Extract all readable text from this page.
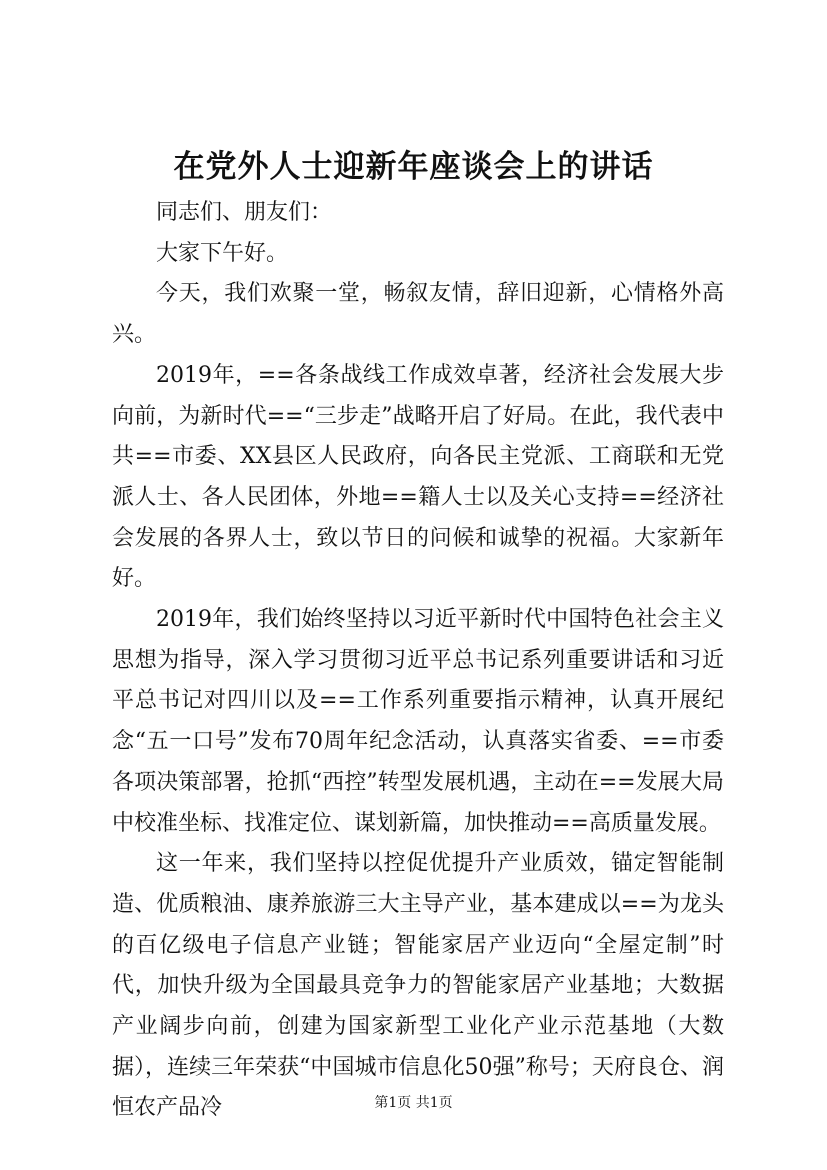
在党外人士迎新年座谈会上的讲话

同志们、朋友们：

大家下午好。

今天，我们欢聚一堂，畅叙友情，辞旧迎新，心情格外高兴。

2019年，==各条战线工作成效卓著，经济社会发展大步向前，为新时代==“三步走”战略开启了好局。在此，我代表中共==市委、XX县区人民政府，向各民主党派、工商联和无党派人士、各人民团体，外地==籍人士以及关心支持==经济社会发展的各界人士，致以节日的问候和诚挚的祝福。大家新年好。

2019年，我们始终坚持以习近平新时代中国特色社会主义思想为指导，深入学习贯彻习近平总书记系列重要讲话和习近平总书记对四川以及==工作系列重要指示精神，认真开展纪念“五一口号”发布70周年纪念活动，认真落实省委、==市委各项决策部署，抢抓“西控”转型发展机遇，主动在==发展大局中校准坐标、找准定位、谋划新篇，加快推动==高质量发展。

这一年来，我们坚持以控促优提升产业质效，锚定智能制造、优质粮油、康养旅游三大主导产业，基本建成以==为龙头的百亿级电子信息产业链；智能家居产业迈向“全屋定制”时代，加快升级为全国最具竞争力的智能家居产业基地；大数据产业阔步向前，创建为国家新型工业化产业示范基地（大数据），连续三年荣获“中国城市信息化50强”称号；天府良仓、润恒农产品冷	第1页 共1页
